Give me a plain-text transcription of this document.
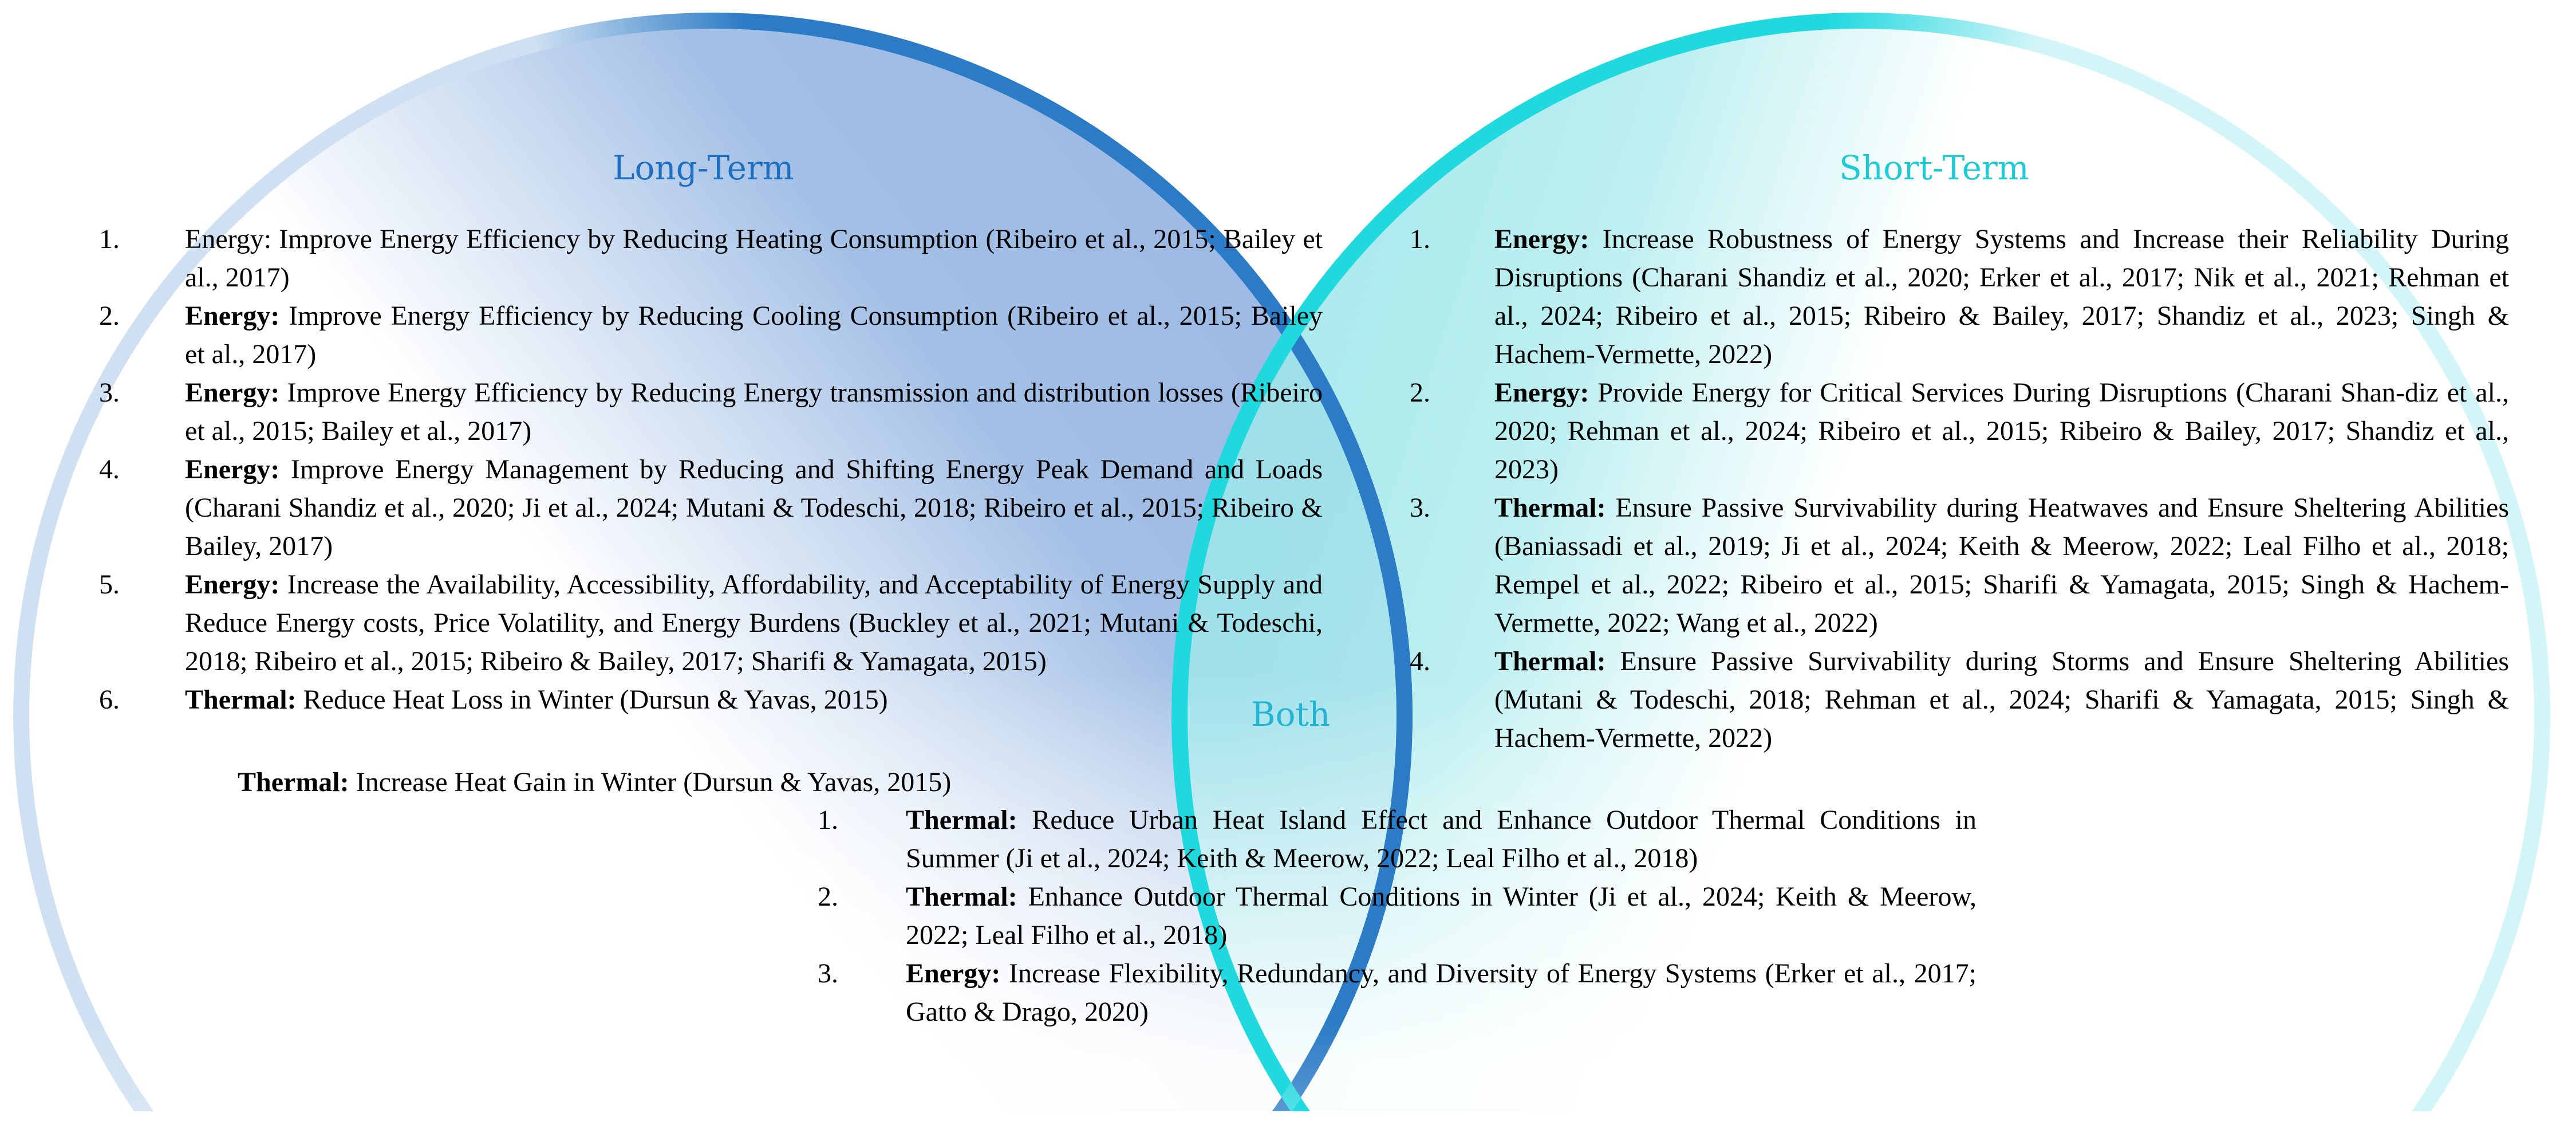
Long-Term	Short-Term
Both
1. Energy: Improve Energy Efficiency by Reducing Heating Consumption (Ribeiro et al., 2015; Bailey et al., 2017)
2. Energy: Improve Energy Efficiency by Reducing Cooling Consumption (Ribeiro et al., 2015; Bailey et al., 2017)
3. Energy: Improve Energy Efficiency by Reducing Energy transmission and distribution losses (Ribeiro et al., 2015; Bailey et al., 2017)
4. Energy: Improve Energy Management by Reducing and Shifting Energy Peak Demand and Loads (Charani Shandiz et al., 2020; Ji et al., 2024; Mutani & Todeschi, 2018; Ribeiro et al., 2015; Ribeiro & Bailey, 2017)
5. Energy: Increase the Availability, Accessibility, Affordability, and Acceptability of Energy Supply and Reduce Energy costs, Price Volatility, and Energy Burdens (Buckley et al., 2021; Mutani & Todeschi, 2018; Ribeiro et al., 2015; Ribeiro & Bailey, 2017; Sharifi & Yamagata, 2015)
6. Thermal: Reduce Heat Loss in Winter (Dursun & Yavas, 2015)
Thermal: Increase Heat Gain in Winter (Dursun & Yavas, 2015)
1. Energy: Increase Robustness of Energy Systems and Increase their Reliability During Disruptions (Charani Shandiz et al., 2020; Erker et al., 2017; Nik et al., 2021; Rehman et al., 2024; Ribeiro et al., 2015; Ribeiro & Bailey, 2017; Shandiz et al., 2023; Singh & Hachem-Vermette, 2022)
2. Energy: Provide Energy for Critical Services During Disruptions (Charani Shan-diz et al., 2020; Rehman et al., 2024; Ribeiro et al., 2015; Ribeiro & Bailey, 2017; Shandiz et al., 2023)
3. Thermal: Ensure Passive Survivability during Heatwaves and Ensure Sheltering Abilities (Baniassadi et al., 2019; Ji et al., 2024; Keith & Meerow, 2022; Leal Filho et al., 2018; Rempel et al., 2022; Ribeiro et al., 2015; Sharifi & Yamagata, 2015; Singh & Hachem-Vermette, 2022; Wang et al., 2022)
4. Thermal: Ensure Passive Survivability during Storms and Ensure Sheltering Abilities (Mutani & Todeschi, 2018; Rehman et al., 2024; Sharifi & Yamagata, 2015; Singh & Hachem-Vermette, 2022)
1. Thermal: Reduce Urban Heat Island Effect and Enhance Outdoor Thermal Conditions in Summer (Ji et al., 2024; Keith & Meerow, 2022; Leal Filho et al., 2018)
2. Thermal: Enhance Outdoor Thermal Conditions in Winter (Ji et al., 2024; Keith & Meerow, 2022; Leal Filho et al., 2018)
3. Energy: Increase Flexibility, Redundancy, and Diversity of Energy Systems (Erker et al., 2017; Gatto & Drago, 2020)
